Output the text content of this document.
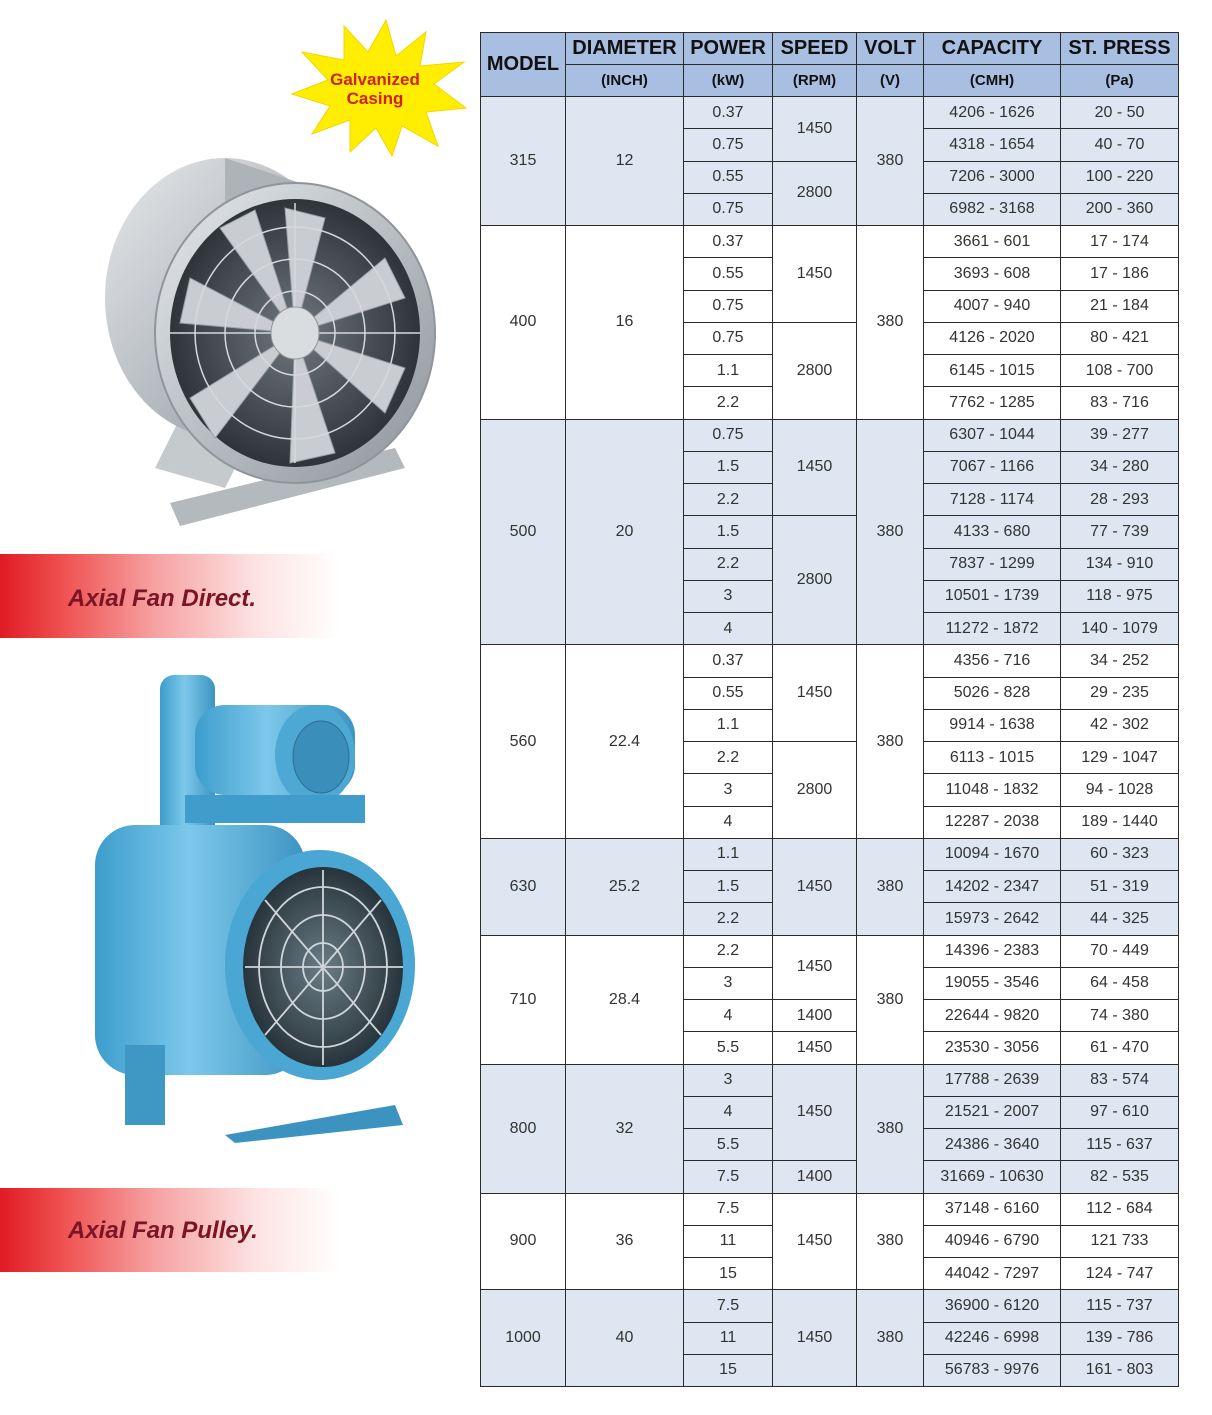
Galvanized Casing
Axial Fan Direct.
Axial Fan Pulley.
MODEL	DIAMETER	POWER	SPEED	VOLT	CAPACITY	ST. PRESS
	(INCH)	(kW)	(RPM)	(V)	(CMH)	(Pa)
315	12	0.37	1450	380	4206 - 1626	20 - 50
		0.75			4318 - 1654	40 - 70
		0.55	2800		7206 - 3000	100 - 220
		0.75			6982 - 3168	200 - 360
400	16	0.37	1450	380	3661 - 601	17 - 174
		0.55			3693 - 608	17 - 186
		0.75			4007 - 940	21 - 184
		0.75	2800		4126 - 2020	80 - 421
		1.1			6145 - 1015	108 - 700
		2.2			7762 - 1285	83 - 716
500	20	0.75	1450	380	6307 - 1044	39 - 277
		1.5			7067 - 1166	34 - 280
		2.2			7128 - 1174	28 - 293
		1.5	2800		4133 - 680	77 - 739
		2.2			7837 - 1299	134 - 910
		3			10501 - 1739	118 - 975
		4			11272 - 1872	140 - 1079
560	22.4	0.37	1450	380	4356 - 716	34 - 252
		0.55			5026 - 828	29 - 235
		1.1			9914 - 1638	42 - 302
		2.2	2800		6113 - 1015	129 - 1047
		3			11048 - 1832	94 - 1028
		4			12287 - 2038	189 - 1440
630	25.2	1.1	1450	380	10094 - 1670	60 - 323
		1.5			14202 - 2347	51 - 319
		2.2			15973 - 2642	44 - 325
710	28.4	2.2	1450	380	14396 - 2383	70 - 449
		3			19055 - 3546	64 - 458
		4	1400		22644 - 9820	74 - 380
		5.5	1450		23530 - 3056	61 - 470
800	32	3	1450	380	17788 - 2639	83 - 574
		4			21521 - 2007	97 - 610
		5.5			24386 - 3640	115 - 637
		7.5	1400		31669 - 10630	82 - 535
900	36	7.5	1450	380	37148 - 6160	112 - 684
		11			40946 - 6790	121 733
		15			44042 - 7297	124 - 747
1000	40	7.5	1450	380	36900 - 6120	115 - 737
		11			42246 - 6998	139 - 786
		15			56783 - 9976	161 - 803
